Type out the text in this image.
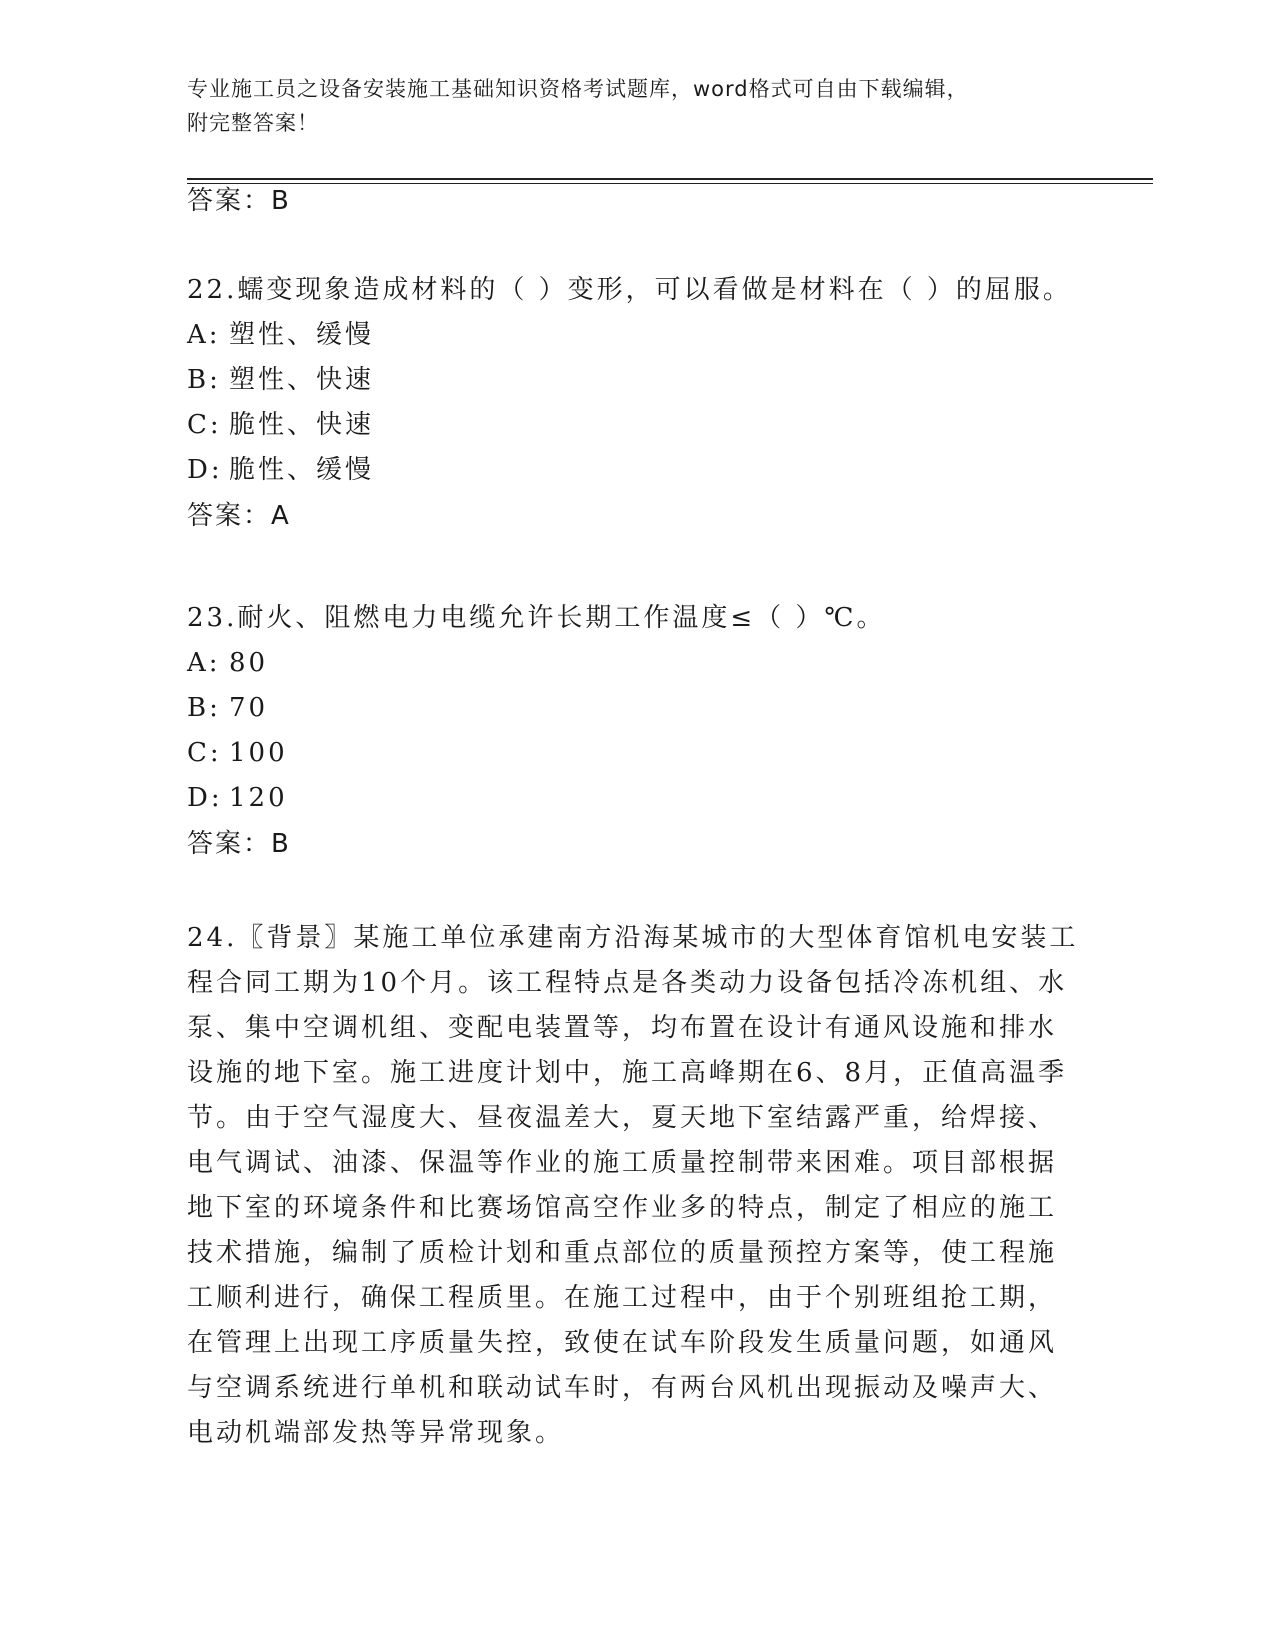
专业施工员之设备安装施工基础知识资格考试题库，word格式可自由下载编辑，
附完整答案！
答案：B
22.蠕变现象造成材料的（ ）变形，可以看做是材料在（ ）的屈服。
A: 塑性、缓慢
B: 塑性、快速
C: 脆性、快速
D: 脆性、缓慢
答案：A
23.耐火、阻燃电力电缆允许长期工作温度≤（ ）℃。
A: 80
B: 70
C: 100
D: 120
答案：B
24.〖背景〗某施工单位承建南方沿海某城市的大型体育馆机电安装工
程合同工期为10个月。该工程特点是各类动力设备包括冷冻机组、水
泵、集中空调机组、变配电装置等，均布置在设计有通风设施和排水
设施的地下室。施工进度计划中，施工高峰期在6、8月，正值高温季
节。由于空气湿度大、昼夜温差大，夏天地下室结露严重，给焊接、
电气调试、油漆、保温等作业的施工质量控制带来困难。项目部根据
地下室的环境条件和比赛场馆高空作业多的特点，制定了相应的施工
技术措施，编制了质检计划和重点部位的质量预控方案等，使工程施
工顺利进行，确保工程质里。在施工过程中，由于个别班组抢工期，
在管理上出现工序质量失控，致使在试车阶段发生质量问题，如通风
与空调系统进行单机和联动试车时，有两台风机出现振动及噪声大、
电动机端部发热等异常现象。
